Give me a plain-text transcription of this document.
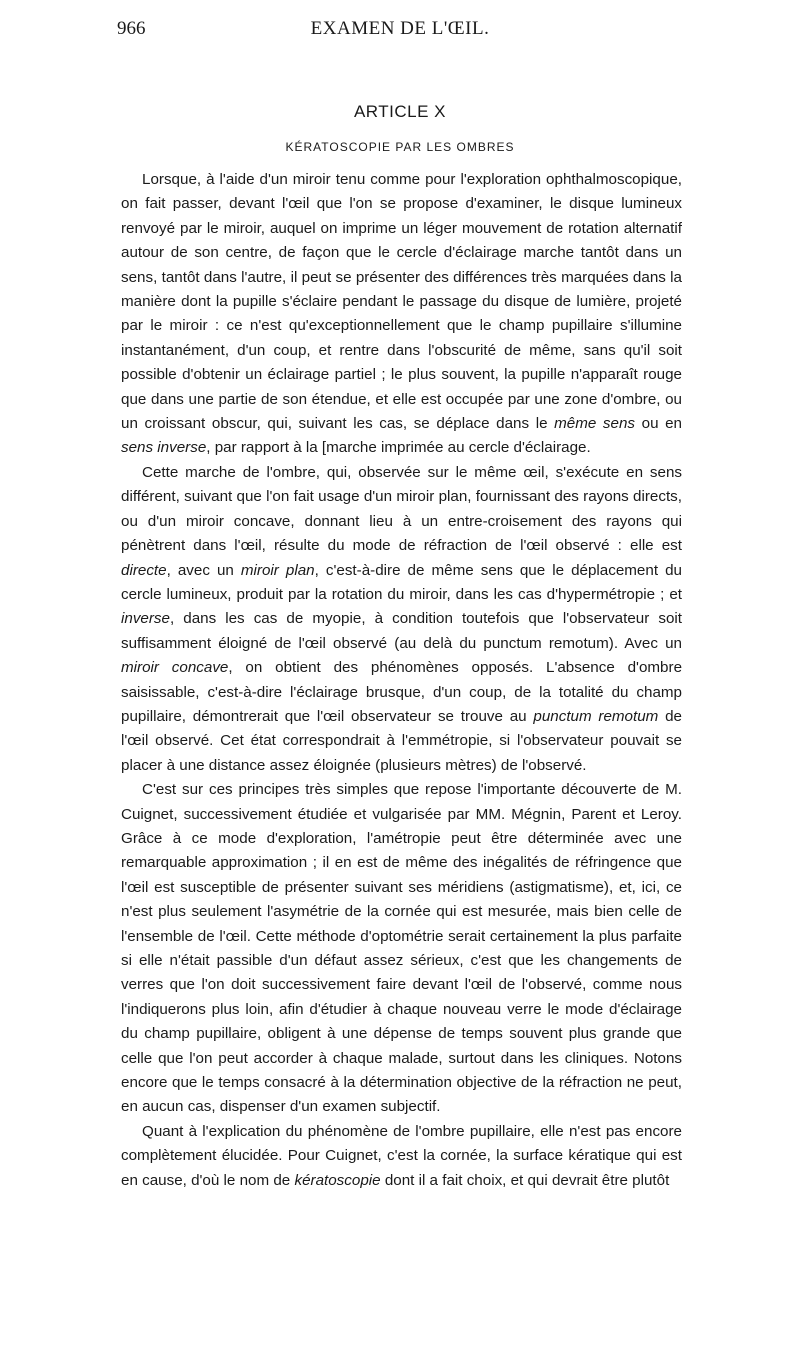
966	EXAMEN DE L'ŒIL.
ARTICLE X
KÉRATOSCOPIE PAR LES OMBRES

Lorsque, à l'aide d'un miroir tenu comme pour l'exploration ophthalmoscopique, on fait passer, devant l'œil que l'on se propose d'examiner, le disque lumineux renvoyé par le miroir, auquel on imprime un léger mouvement de rotation alternatif autour de son centre, de façon que le cercle d'éclairage marche tantôt dans un sens, tantôt dans l'autre, il peut se présenter des différences très marquées dans la manière dont la pupille s'éclaire pendant le passage du disque de lumière, projeté par le miroir : ce n'est qu'exceptionnellement que le champ pupillaire s'illumine instantanément, d'un coup, et rentre dans l'obscurité de même, sans qu'il soit possible d'obtenir un éclairage partiel ; le plus souvent, la pupille n'apparaît rouge que dans une partie de son étendue, et elle est occupée par une zone d'ombre, ou un croissant obscur, qui, suivant les cas, se déplace dans le même sens ou en sens inverse, par rapport à la [marche imprimée au cercle d'éclairage.

Cette marche de l'ombre, qui, observée sur le même œil, s'exécute en sens différent, suivant que l'on fait usage d'un miroir plan, fournissant des rayons directs, ou d'un miroir concave, donnant lieu à un entre-croisement des rayons qui pénètrent dans l'œil, résulte du mode de réfraction de l'œil observé : elle est directe, avec un miroir plan, c'est-à-dire de même sens que le déplacement du cercle lumineux, produit par la rotation du miroir, dans les cas d'hypermétropie ; et inverse, dans les cas de myopie, à condition toutefois que l'observateur soit suffisamment éloigné de l'œil observé (au delà du punctum remotum). Avec un miroir concave, on obtient des phénomènes opposés. L'absence d'ombre saisissable, c'est-à-dire l'éclairage brusque, d'un coup, de la totalité du champ pupillaire, démontrerait que l'œil observateur se trouve au punctum remotum de l'œil observé. Cet état correspondrait à l'emmétropie, si l'observateur pouvait se placer à une distance assez éloignée (plusieurs mètres) de l'observé.

C'est sur ces principes très simples que repose l'importante découverte de M. Cuignet, successivement étudiée et vulgarisée par MM. Mégnin, Parent et Leroy. Grâce à ce mode d'exploration, l'amétropie peut être déterminée avec une remarquable approximation ; il en est de même des inégalités de réfringence que l'œil est susceptible de présenter suivant ses méridiens (astigmatisme), et, ici, ce n'est plus seulement l'asymétrie de la cornée qui est mesurée, mais bien celle de l'ensemble de l'œil. Cette méthode d'optométrie serait certainement la plus parfaite si elle n'était passible d'un défaut assez sérieux, c'est que les changements de verres que l'on doit successivement faire devant l'œil de l'observé, comme nous l'indiquerons plus loin, afin d'étudier à chaque nouveau verre le mode d'éclairage du champ pupillaire, obligent à une dépense de temps souvent plus grande que celle que l'on peut accorder à chaque malade, surtout dans les cliniques. Notons encore que le temps consacré à la détermination objective de la réfraction ne peut, en aucun cas, dispenser d'un examen subjectif.

Quant à l'explication du phénomène de l'ombre pupillaire, elle n'est pas encore complètement élucidée. Pour Cuignet, c'est la cornée, la surface kératique qui est en cause, d'où le nom de kératoscopie dont il a fait choix, et qui devrait être plutôt
